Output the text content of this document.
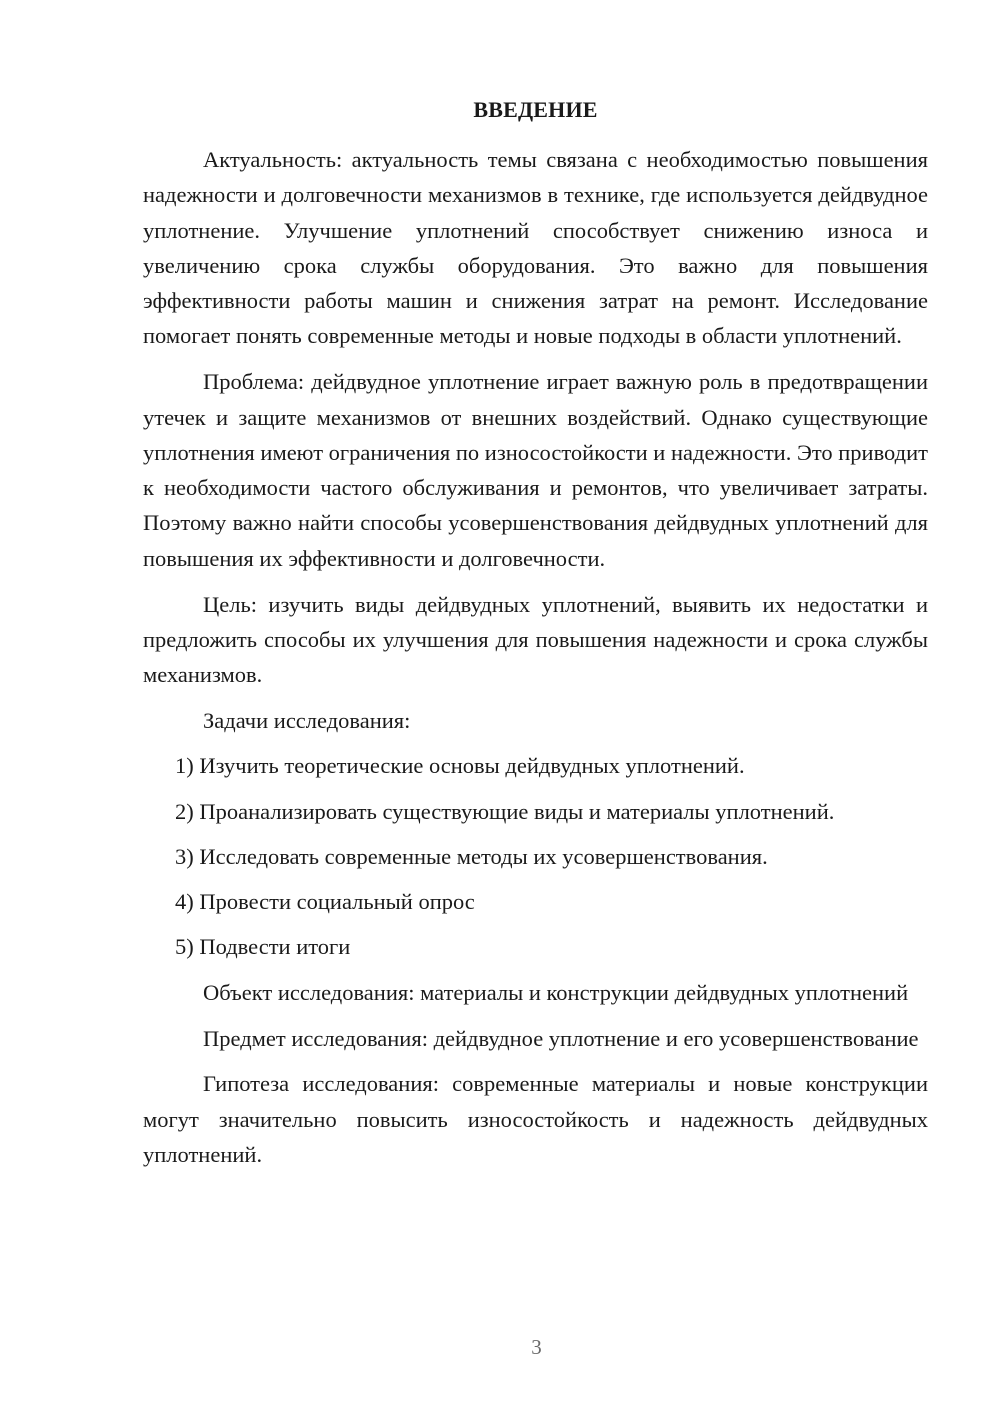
ВВЕДЕНИЕ

Актуальность: актуальность темы связана с необходимостью повышения надежности и долговечности механизмов в технике, где используется дейдвудное уплотнение. Улучшение уплотнений способствует снижению износа и увеличению срока службы оборудования. Это важно для повышения эффективности работы машин и снижения затрат на ремонт. Исследование помогает понять современные методы и новые подходы в области уплотнений.

Проблема: дейдвудное уплотнение играет важную роль в предотвращении утечек и защите механизмов от внешних воздействий. Однако существующие уплотнения имеют ограничения по износостойкости и надежности. Это приводит к необходимости частого обслуживания и ремонтов, что увеличивает затраты. Поэтому важно найти способы усовершенствования дейдвудных уплотнений для повышения их эффективности и долговечности.

Цель: изучить виды дейдвудных уплотнений, выявить их недостатки и предложить способы их улучшения для повышения надежности и срока службы механизмов.

Задачи исследования:

1) Изучить теоретические основы дейдвудных уплотнений.

2) Проанализировать существующие виды и материалы уплотнений.

3) Исследовать современные методы их усовершенствования.

4) Провести социальный опрос

5) Подвести итоги

Объект исследования: материалы и конструкции дейдвудных уплотнений

Предмет исследования: дейдвудное уплотнение и его усовершенствование

Гипотеза исследования: современные материалы и новые конструкции могут значительно повысить износостойкость и надежность дейдвудных уплотнений.

3
